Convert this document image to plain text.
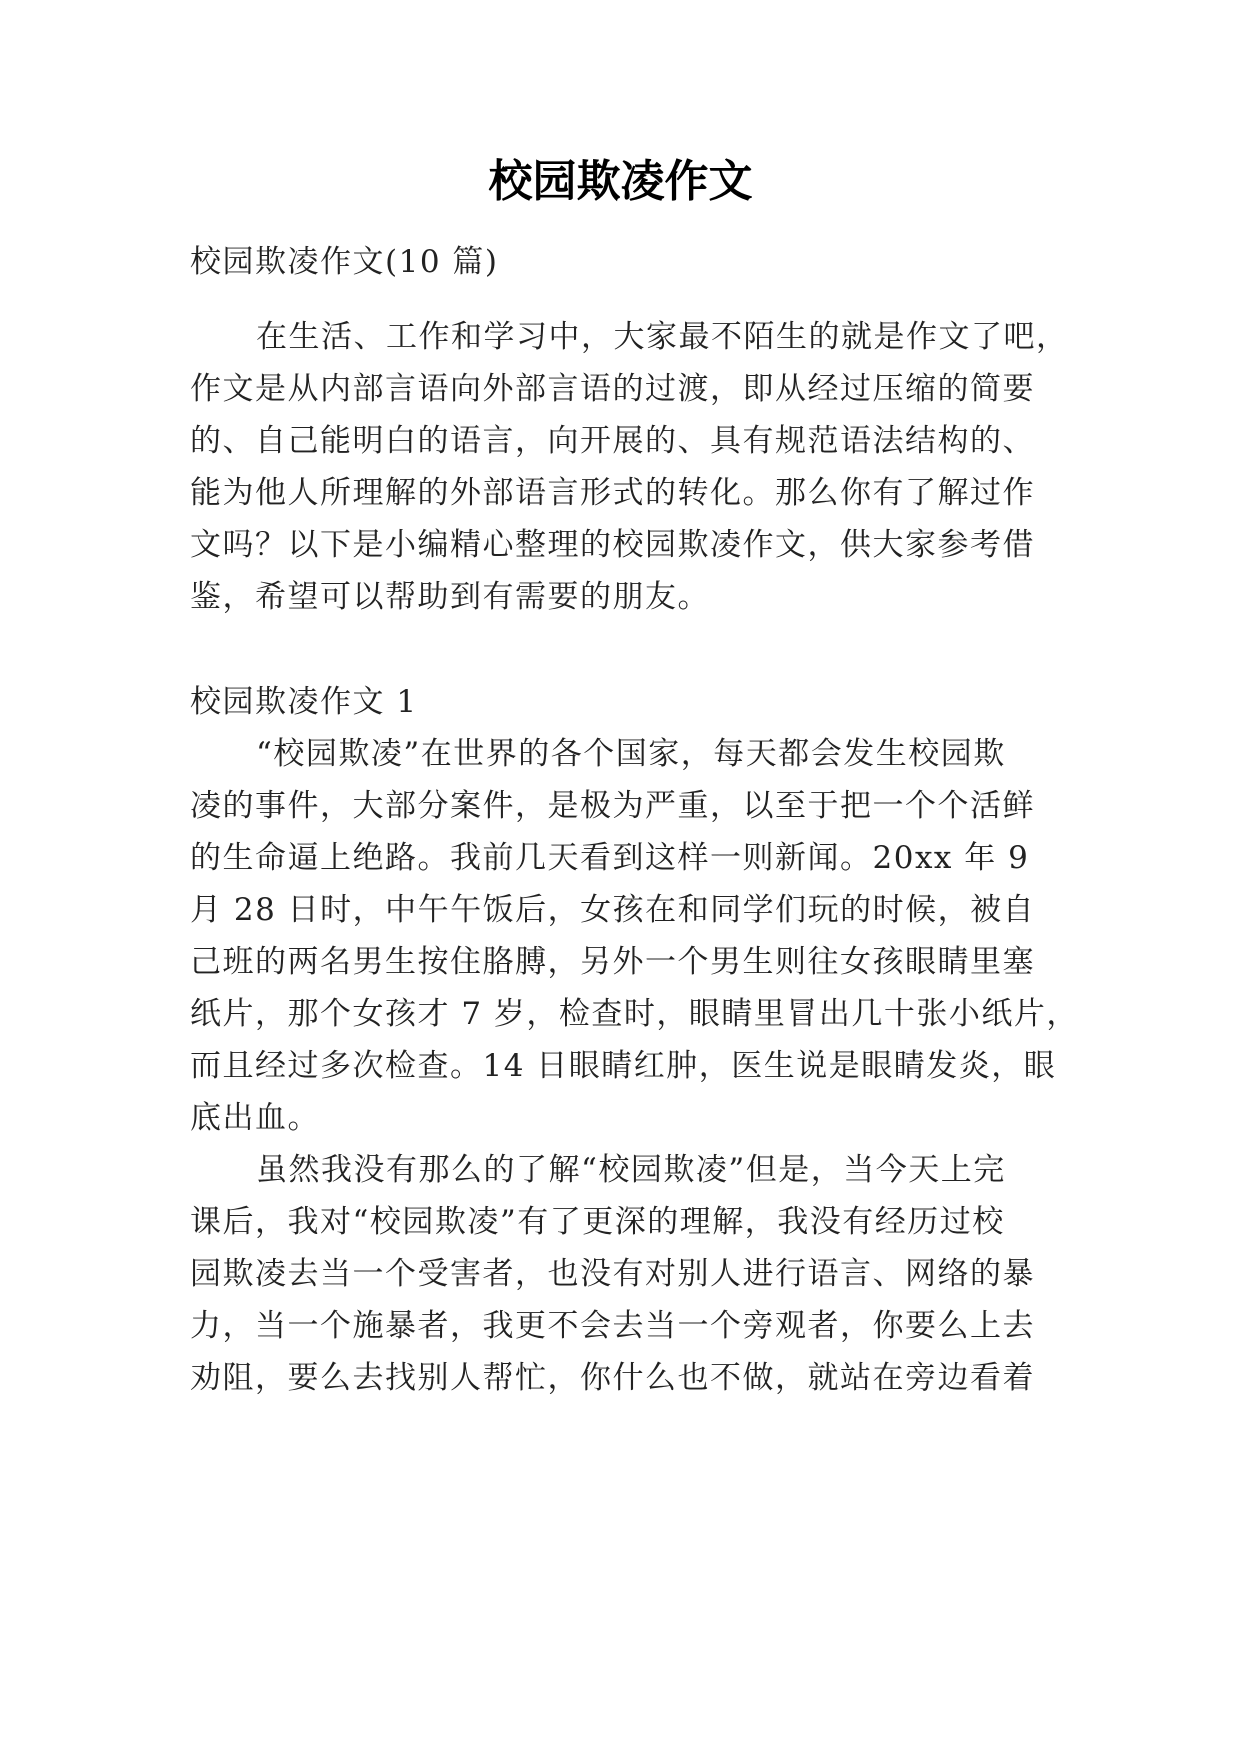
校园欺凌作文
校园欺凌作文(10 篇)
在生活、工作和学习中，大家最不陌生的就是作文了吧，
作文是从内部言语向外部言语的过渡，即从经过压缩的简要
的、自己能明白的语言，向开展的、具有规范语法结构的、
能为他人所理解的外部语言形式的转化。那么你有了解过作
文吗？以下是小编精心整理的校园欺凌作文，供大家参考借
鉴，希望可以帮助到有需要的朋友。
校园欺凌作文 1
“校园欺凌”在世界的各个国家，每天都会发生校园欺
凌的事件，大部分案件，是极为严重，以至于把一个个活鲜
的生命逼上绝路。我前几天看到这样一则新闻。20xx 年 9
月 28 日时，中午午饭后，女孩在和同学们玩的时候，被自
己班的两名男生按住胳膊，另外一个男生则往女孩眼睛里塞
纸片，那个女孩才 7 岁，检查时，眼睛里冒出几十张小纸片，
而且经过多次检查。14 日眼睛红肿，医生说是眼睛发炎，眼
底出血。
虽然我没有那么的了解“校园欺凌”但是，当今天上完
课后，我对“校园欺凌”有了更深的理解，我没有经历过校
园欺凌去当一个受害者，也没有对别人进行语言、网络的暴
力，当一个施暴者，我更不会去当一个旁观者，你要么上去
劝阻，要么去找别人帮忙，你什么也不做，就站在旁边看着
